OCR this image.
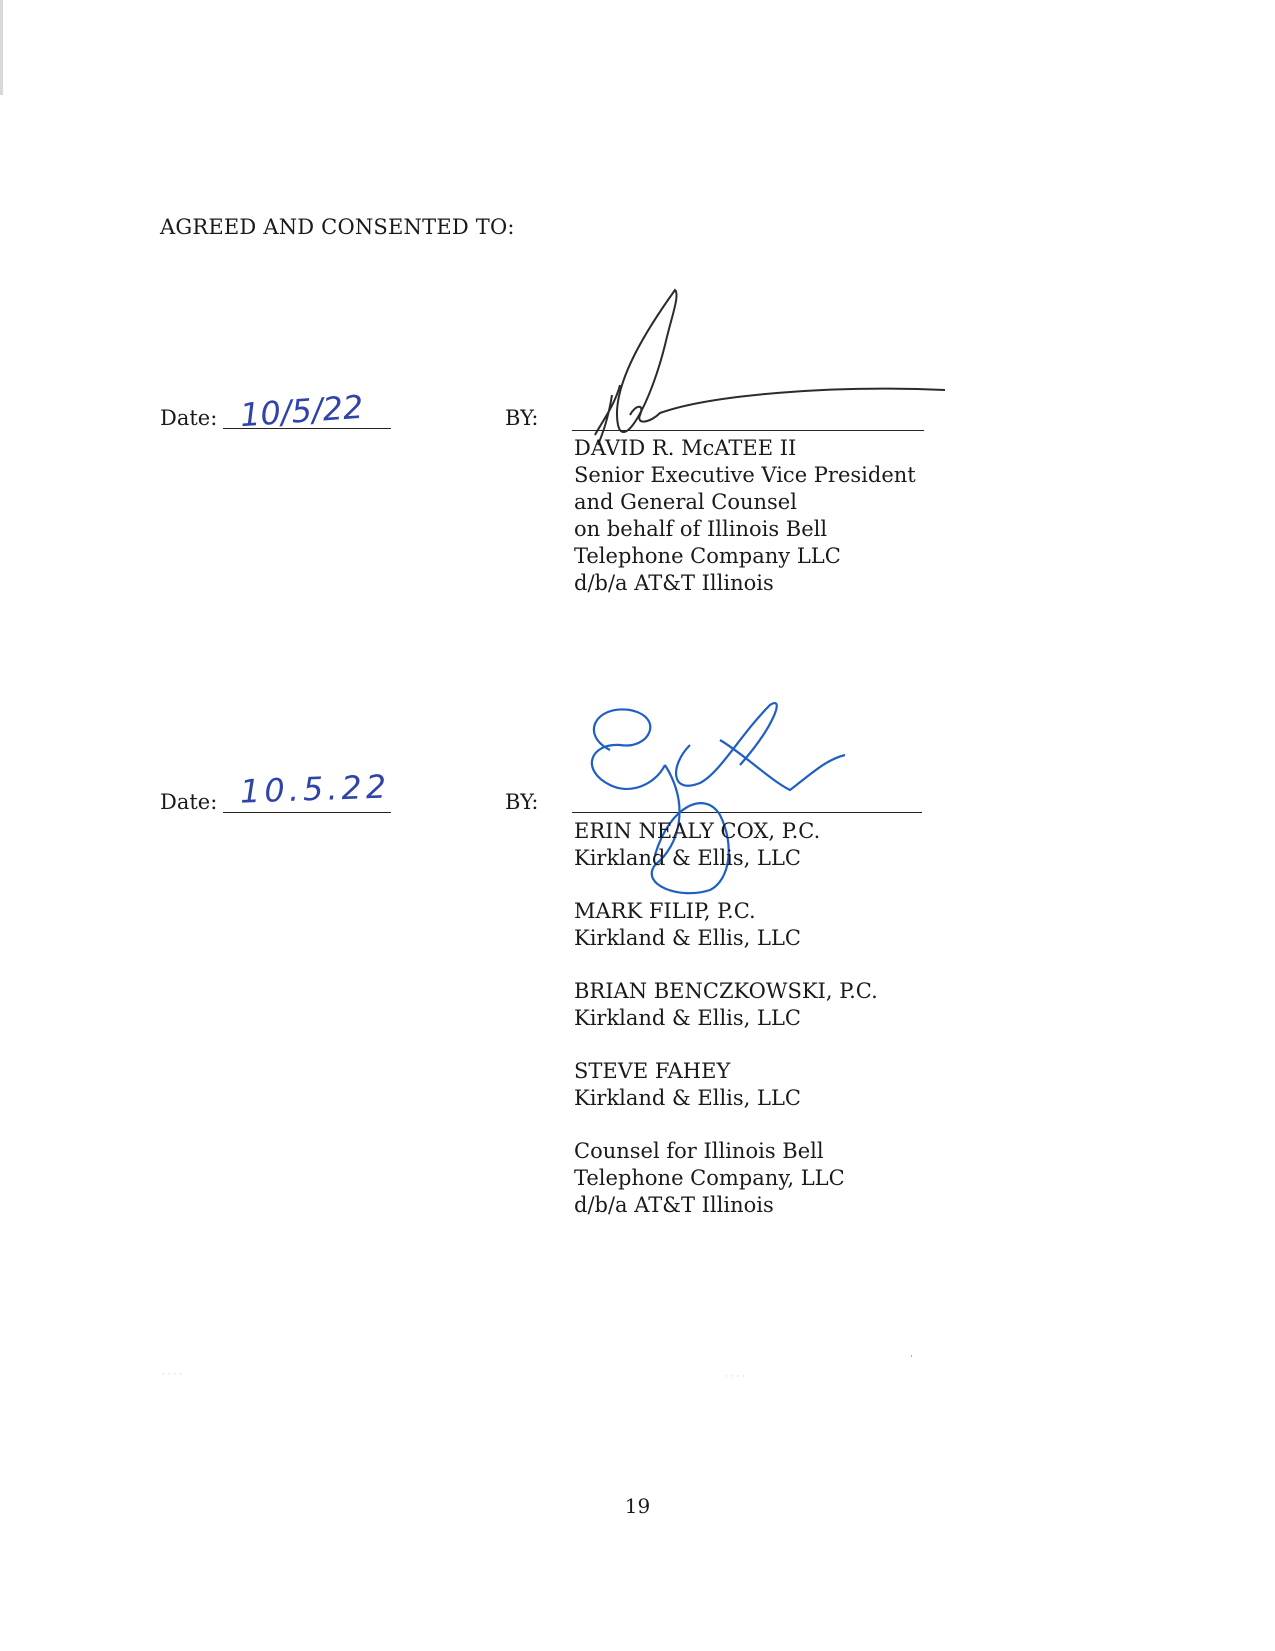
AGREED AND CONSENTED TO:
Date: 10/5/22	BY:
DAVID R. McATEE II
Senior Executive Vice President
and General Counsel
on behalf of Illinois Bell
Telephone Company LLC
d/b/a AT&T Illinois
Date: 10.5.22	BY:
ERIN NEALY COX, P.C.
Kirkland & Ellis, LLC
MARK FILIP, P.C.
Kirkland & Ellis, LLC
BRIAN BENCZKOWSKI, P.C.
Kirkland & Ellis, LLC
STEVE FAHEY
Kirkland & Ellis, LLC
Counsel for Illinois Bell
Telephone Company, LLC
d/b/a AT&T Illinois
· · · ·	· · · ·
·
19
